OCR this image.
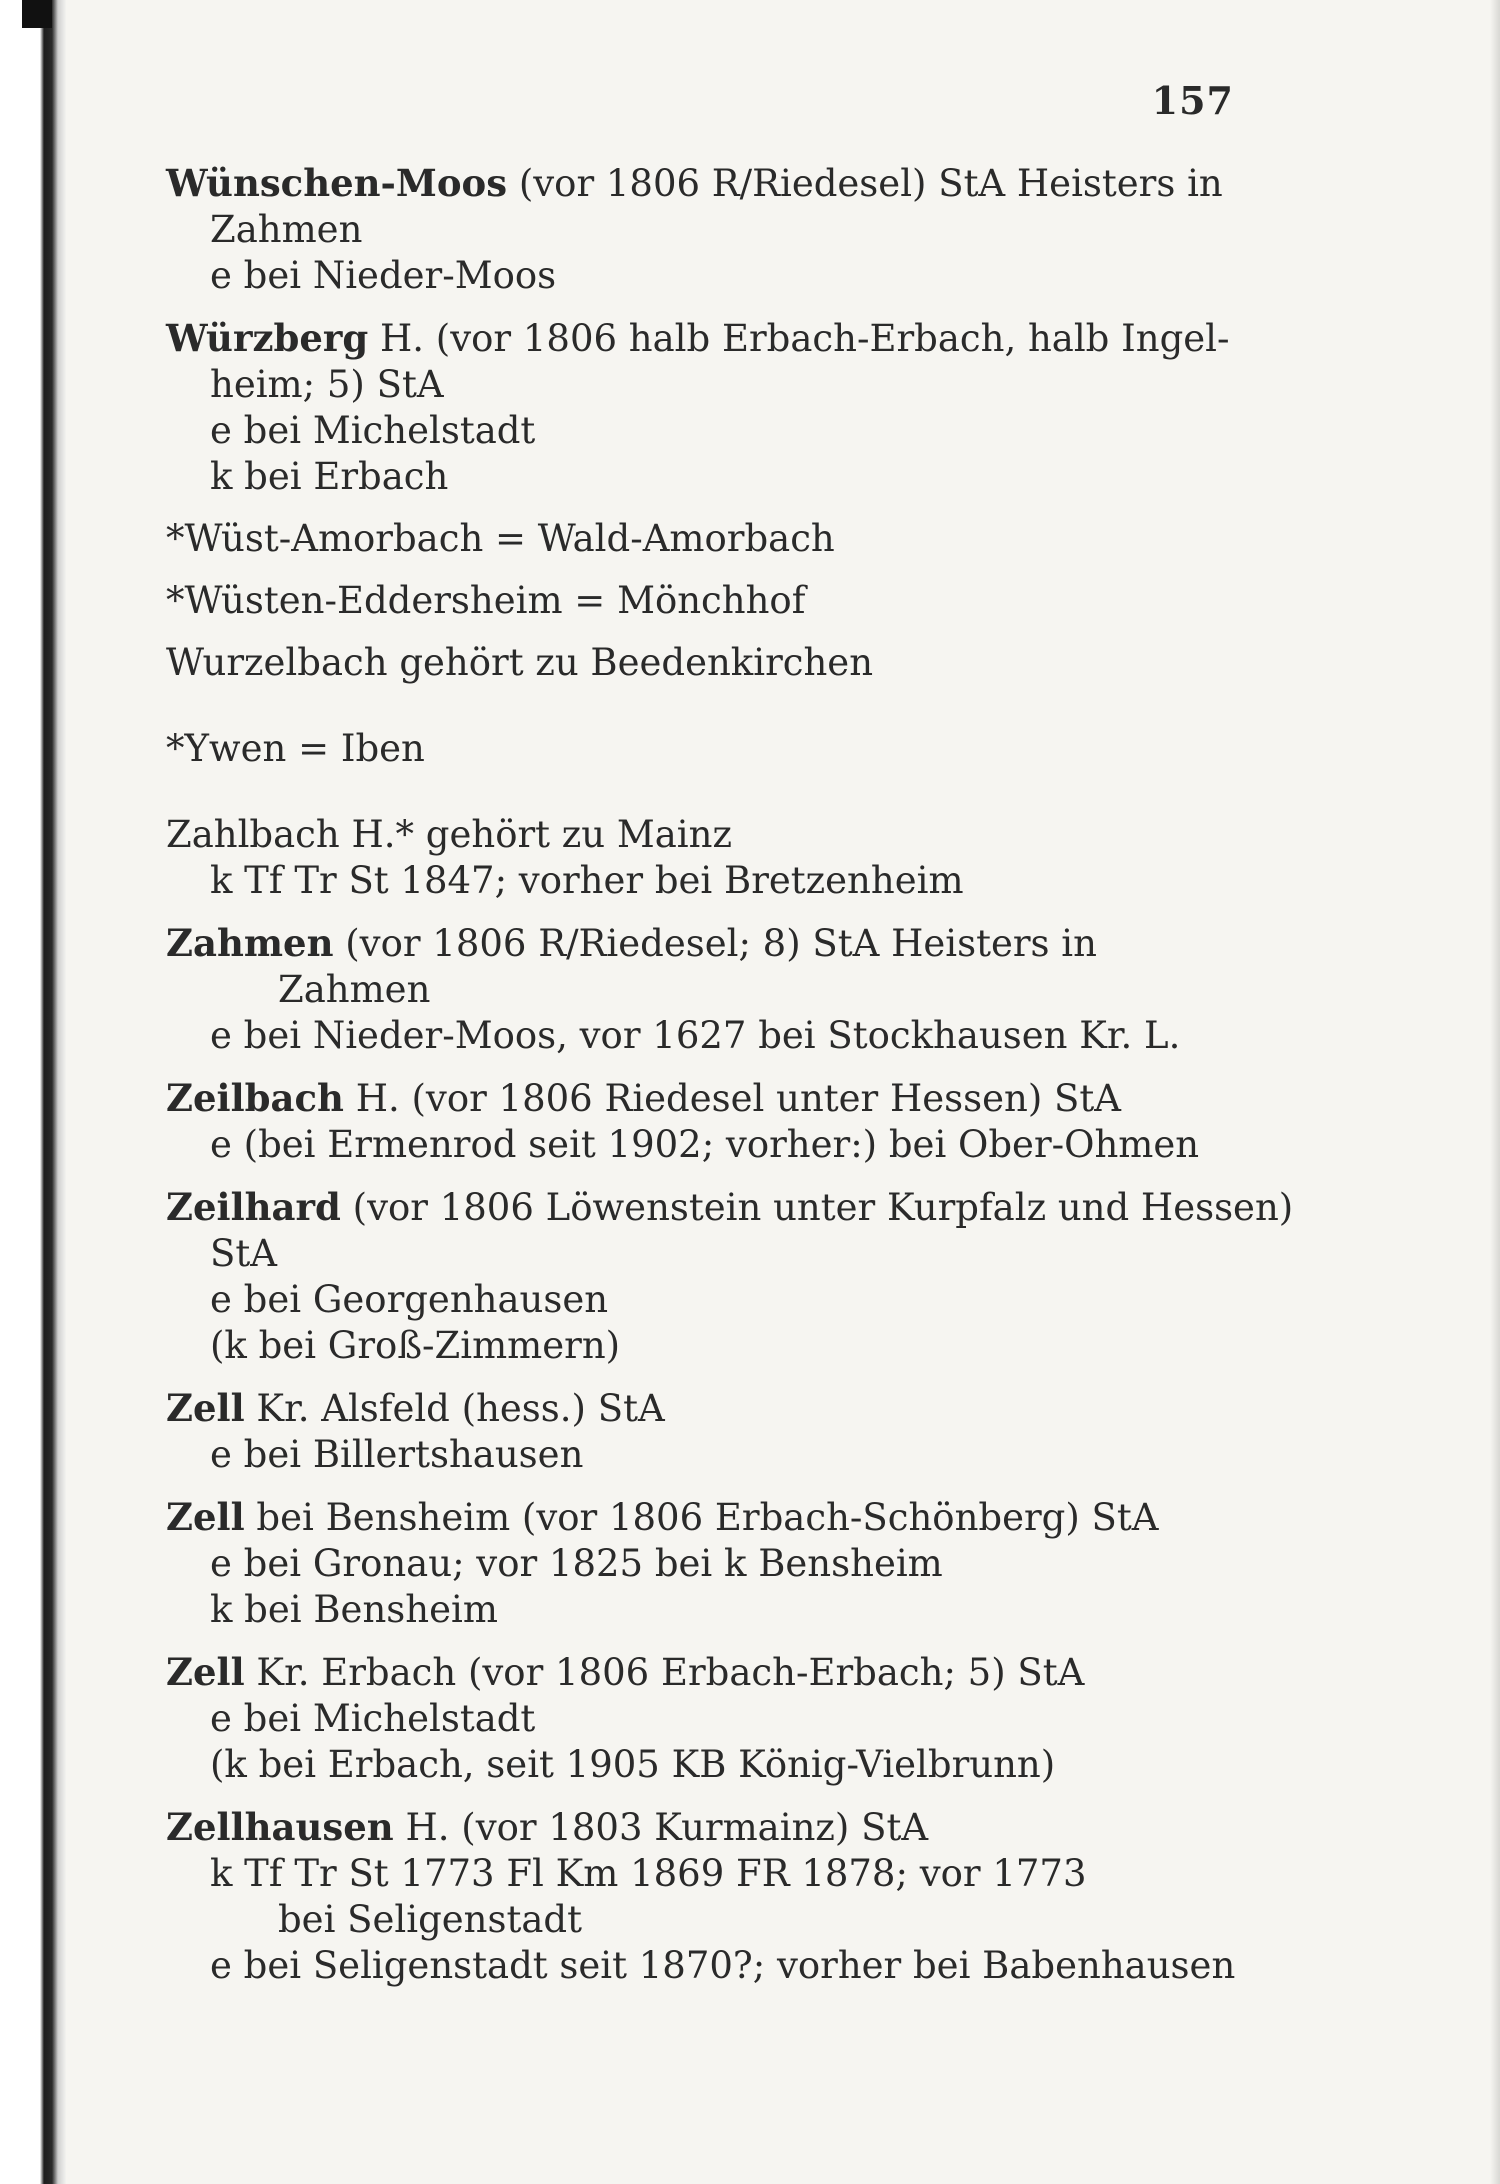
157
Wünschen-Moos (vor 1806 R/Riedesel) StA Heisters in
Zahmen
e bei Nieder-Moos
Würzberg H. (vor 1806 halb Erbach-Erbach, halb Ingel-
heim; 5) StA
e bei Michelstadt
k bei Erbach
*Wüst-Amorbach = Wald-Amorbach
*Wüsten-Eddersheim = Mönchhof
Wurzelbach gehört zu Beedenkirchen
*Ywen = Iben
Zahlbach H.* gehört zu Mainz
k Tf Tr St 1847; vorher bei Bretzenheim
Zahmen (vor 1806 R/Riedesel; 8) StA Heisters in
Zahmen
e bei Nieder-Moos, vor 1627 bei Stockhausen Kr. L.
Zeilbach H. (vor 1806 Riedesel unter Hessen) StA
e (bei Ermenrod seit 1902; vorher:) bei Ober-Ohmen
Zeilhard (vor 1806 Löwenstein unter Kurpfalz und Hessen)
StA
e bei Georgenhausen
(k bei Groß-Zimmern)
Zell Kr. Alsfeld (hess.) StA
e bei Billertshausen
Zell bei Bensheim (vor 1806 Erbach-Schönberg) StA
e bei Gronau; vor 1825 bei k Bensheim
k bei Bensheim
Zell Kr. Erbach (vor 1806 Erbach-Erbach; 5) StA
e bei Michelstadt
(k bei Erbach, seit 1905 KB König-Vielbrunn)
Zellhausen H. (vor 1803 Kurmainz) StA
k Tf Tr St 1773 Fl Km 1869 FR 1878; vor 1773
bei Seligenstadt
e bei Seligenstadt seit 1870?; vorher bei Babenhausen
